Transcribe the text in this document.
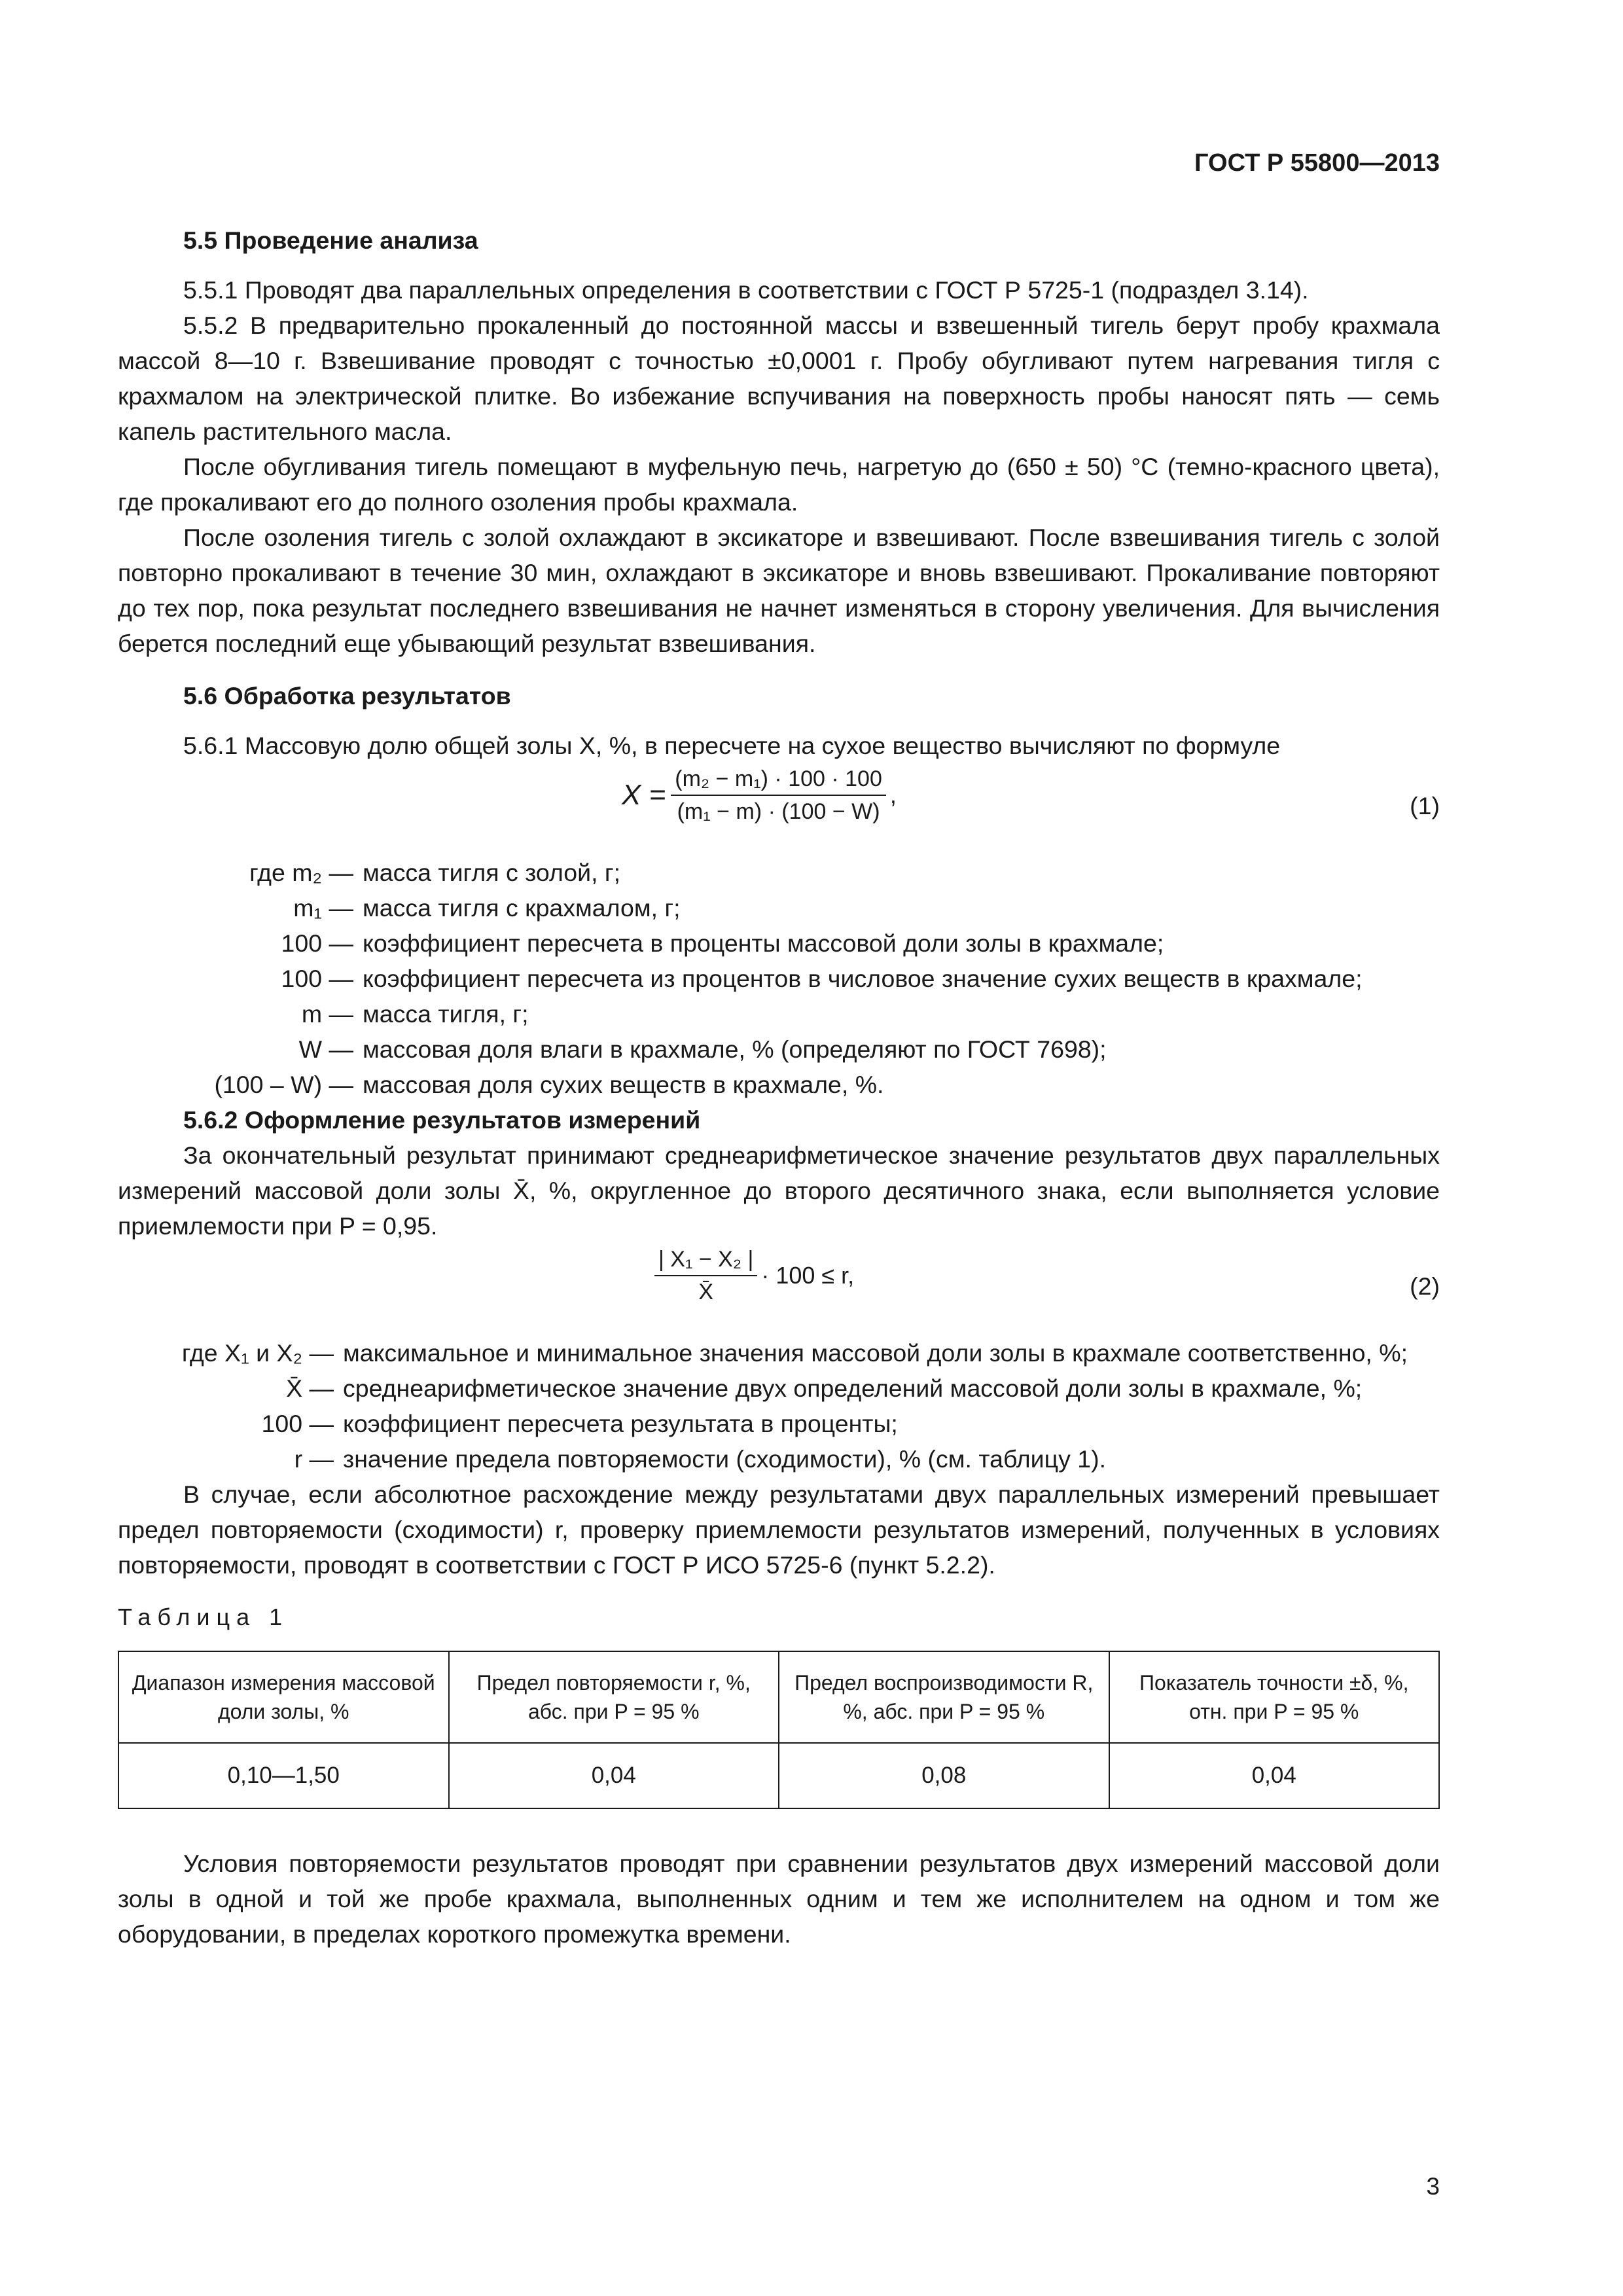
ГОСТ Р 55800—2013
5.5 Проведение анализа

5.5.1 Проводят два параллельных определения в соответствии с ГОСТ Р 5725-1 (подраздел 3.14).

5.5.2 В предварительно прокаленный до постоянной массы и взвешенный тигель берут пробу крахмала массой 8—10 г. Взвешивание проводят с точностью ±0,0001 г. Пробу обугливают путем нагревания тигля с крахмалом на электрической плитке. Во избежание вспучивания на поверхность пробы наносят пять — семь капель растительного масла.

После обугливания тигель помещают в муфельную печь, нагретую до (650 ± 50) °С (темно-красного цвета), где прокаливают его до полного озоления пробы крахмала.

После озоления тигель с золой охлаждают в эксикаторе и взвешивают. После взвешивания тигель с золой повторно прокаливают в течение 30 мин, охлаждают в эксикаторе и вновь взвешивают. Прокаливание повторяют до тех пор, пока результат последнего взвешивания не начнет изменяться в сторону увеличения. Для вычисления берется последний еще убывающий результат взвешивания.

5.6 Обработка результатов

5.6.1 Массовую долю общей золы X, %, в пересчете на сухое вещество вычисляют по формуле

$X = \frac{\text{(m₂ − m₁) · 100 · 100}}{\text{(m₁ − m) · (100 − W)}}$ ,	(1)
где m₂ — масса тигля с золой, г;
m₁ — масса тигля с крахмалом, г;
100 — коэффициент пересчета в проценты массовой доли золы в крахмале;
100 — коэффициент пересчета из процентов в числовое значение сухих веществ в крахмале;
m — масса тигля, г;
W — массовая доля влаги в крахмале, % (определяют по ГОСТ 7698);
(100 – W) — массовая доля сухих веществ в крахмале, %.
5.6.2 Оформление результатов измерений

За окончательный результат принимают среднеарифметическое значение результатов двух параллельных измерений массовой доли золы X̄, %, округленное до второго десятичного знака, если выполняется условие приемлемости при P = 0,95.

$\frac{\text{| X₁ − X₂ |}}{X̄} \cdot 100 \le r$,	(2)
где X₁ и X₂ — максимальное и минимальное значения массовой доли золы в крахмале соответственно, %;
X̄ — среднеарифметическое значение двух определений массовой доли золы в крахмале, %;
100 — коэффициент пересчета результата в проценты;
r — значение предела повторяемости (сходимости), % (см. таблицу 1).

В случае, если абсолютное расхождение между результатами двух параллельных измерений превышает предел повторяемости (сходимости) r, проверку приемлемости результатов измерений, полученных в условиях повторяемости, проводят в соответствии с ГОСТ Р ИСО 5725-6 (пункт 5.2.2).

Таблица 1
Диапазон измерения массовой доли золы, %	Предел повторяемости r, %, абс. при P = 95 %	Предел воспроизводимости R, %, абс. при P = 95 %	Показатель точности ±δ, %, отн. при P = 95 %
0,10—1,50	0,04	0,08	0,04

Условия повторяемости результатов проводят при сравнении результатов двух измерений массовой доли золы в одной и той же пробе крахмала, выполненных одним и тем же исполнителем на одном и том же оборудовании, в пределах короткого промежутка времени.

3
